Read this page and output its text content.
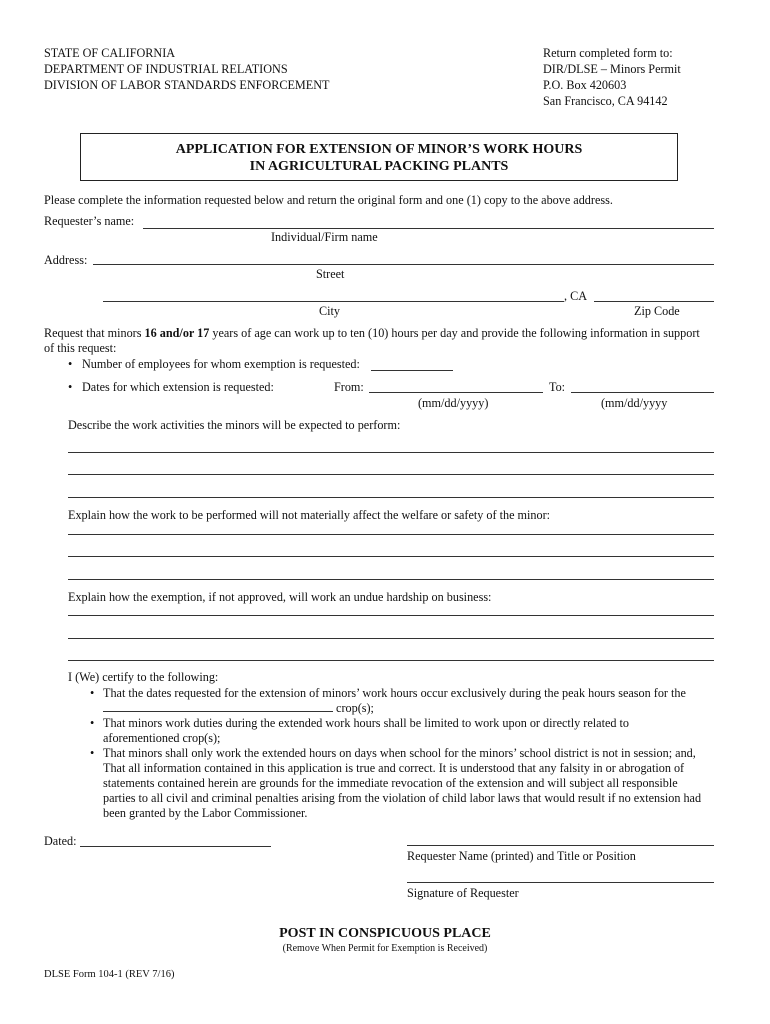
STATE OF CALIFORNIA
DEPARTMENT OF INDUSTRIAL RELATIONS
DIVISION OF LABOR STANDARDS ENFORCEMENT
Return completed form to:
DIR/DLSE – Minors Permit
P.O. Box 420603
San Francisco, CA 94142
APPLICATION FOR EXTENSION OF MINOR’S WORK HOURS
IN AGRICULTURAL PACKING PLANTS
Please complete the information requested below and return the original form and one (1) copy to the above address.
Requester’s name:
Individual/Firm name
Address:
Street
, CA
City	Zip Code
Request that minors 16 and/or 17 years of age can work up to ten (10) hours per day and provide the following information in support
of this request:
• Number of employees for whom exemption is requested:
• Dates for which extension is requested:	From:	To:
(mm/dd/yyyy)	(mm/dd/yyyy
Describe the work activities the minors will be expected to perform:
Explain how the work to be performed will not materially affect the welfare or safety of the minor:
Explain how the exemption, if not approved, will work an undue hardship on business:
I (We) certify to the following:
• That the dates requested for the extension of minors’ work hours occur exclusively during the peak hours season for the
crop(s);
• That minors work duties during the extended work hours shall be limited to work upon or directly related to
aforementioned crop(s);
• That minors shall only work the extended hours on days when school for the minors’ school district is not in session; and,
That all information contained in this application is true and correct. It is understood that any falsity in or abrogation of
statements contained herein are grounds for the immediate revocation of the extension and will subject all responsible
parties to all civil and criminal penalties arising from the violation of child labor laws that would result if no extension had
been granted by the Labor Commissioner.
Dated:
Requester Name (printed) and Title or Position
Signature of Requester
POST IN CONSPICUOUS PLACE
(Remove When Permit for Exemption is Received)
DLSE Form 104-1 (REV 7/16)
